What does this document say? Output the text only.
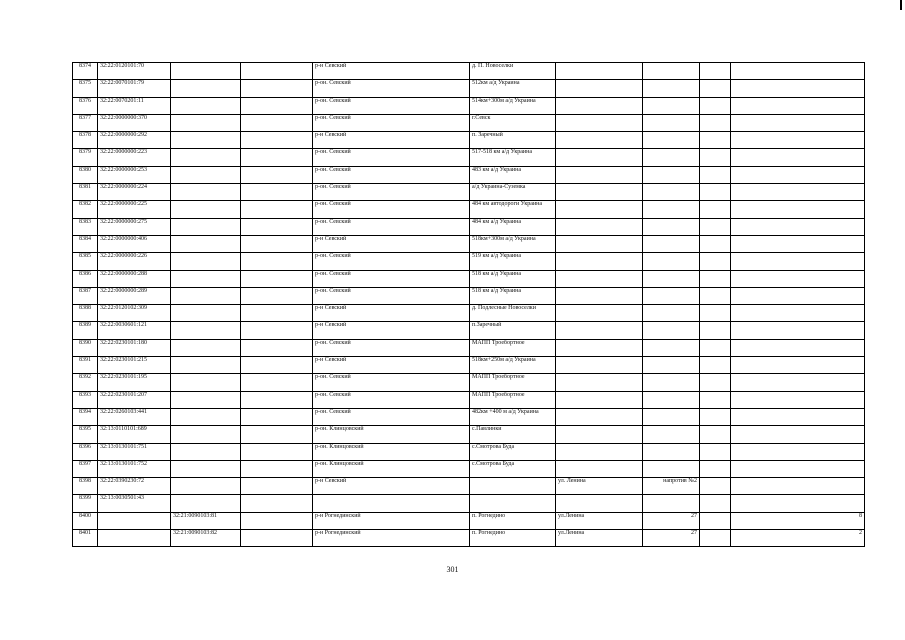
8374	32:22:0120101:70			р-н Севский	д. П. Новоселки				
8375	32:22:0070101:79			р-он. Севский	512км а/д Украина				
8376	32:22:0070201:11			р-он. Севский	514км+300м а/д Украина				
8377	32:22:0000000:370			р-он. Севский	г.Севск				
8378	32:22:0000000:292			р-н Севский	п. Заречный				
8379	32:22:0000000:223			р-он. Севский	517-518 км а/д Украина				
8380	32:22:0000000:253			р-он. Севский	483 км а/д Украина				
8381	32:22:0000000:224			р-он. Севский	а/д Украина-Суземка				
8382	32:22:0000000:225			р-он. Севский	484 км автодороги Украина				
8383	32:22:0000000:275			р-он. Севский	484 км а/д Украина				
8384	32:22:0000000:406			р-н Севский	518км+300м а/д Украина				
8385	32:22:0000000:226			р-он. Севский	519 км а/д Украина				
8386	32:22:0000000:288			р-он. Севский	518 км а/д Украина				
8387	32:22:0000000:289			р-он. Севский	518 км а/д Украина				
8388	32:22:0120102:309			р-н Севский	д. Подлесные Новоселки				
8389	32:22:0030601:121			р-н Севский	п.Заречный				
8390	32:22:0230101:180			р-он. Севский	МАПП Троебортное				
8391	32:22:0230101:215			р-н Севский	518км+250м а/д Украина				
8392	32:22:0230101:195			р-он. Севский	МАПП Троебортное				
8393	32:22:0230101:207			р-он. Севский	МАПП Троебортное				
8394	32:22:0260103:441			р-он. Севский	482км +400 м а/д Украина				
8395	32:13:0110101:689			р-он. Клинцовский	с.Павлинки				
8396	32:13:0130101:751			р-он. Клинцовский	с.Смотрова Буда				
8397	32:13:0130101:752			р-он. Клинцовский	с.Смотрова Буда				
8398	32:22:0390230:72			р-н Севский		ул. Ленина	напротив №2		
8399	32:13:0030501:43								
8400		32:21:0090103:81		р-н Рогнединский	п. Рогнедино	ул.Ленина	27		8
8401		32:21:0090103:82		р-н Рогнединский	п. Рогнедино	ул.Ленина	27		2
301
